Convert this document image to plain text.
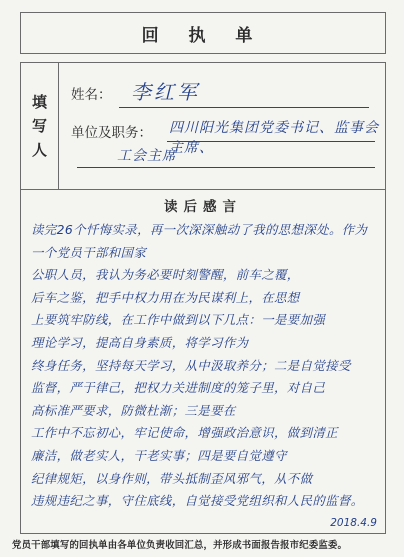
回 执 单
填写人
姓名： 李红军
单位及职务： 四川阳光集团党委书记、监事会主席、
工会主席
读后感言
读完26个忏悔实录，再一次深深触动了我的思想深处。作为一个党员干部和国家
公职人员，我认为务必要时刻警醒，前车之覆，
后车之鉴，把手中权力用在为民谋利上，在思想
上要筑牢防线，在工作中做到以下几点：一是要加强
理论学习，提高自身素质，将学习作为
终身任务，坚持每天学习，从中汲取养分；二是自觉接受
监督，严于律己，把权力关进制度的笼子里，对自己
高标准严要求，防微杜渐；三是要在
工作中不忘初心，牢记使命，增强政治意识，做到清正
廉洁，做老实人，干老实事；四是要自觉遵守
纪律规矩，以身作则，带头抵制歪风邪气，从不做
违规违纪之事，守住底线，自觉接受党组织和人民的监督。
2018.4.9
党员干部填写的回执单由各单位负责收回汇总，并形成书面报告报市纪委监委。
